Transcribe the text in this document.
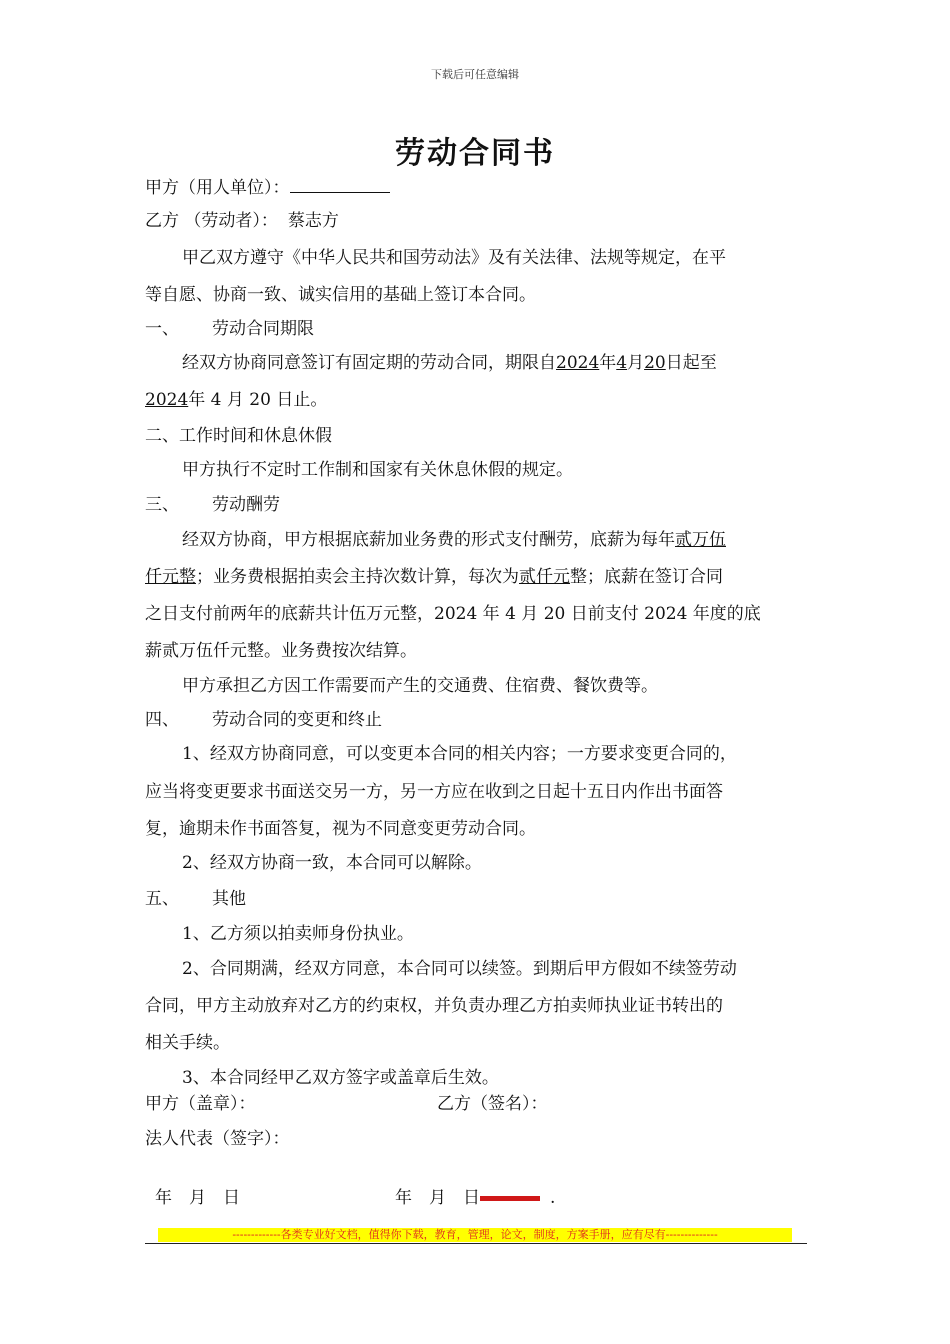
下载后可任意编辑
劳动合同书
甲方（用人单位）：
乙方 （劳动者）： 蔡志方
甲乙双方遵守《中华人民共和国劳动法》及有关法律、法规等规定，在平
等自愿、协商一致、诚实信用的基础上签订本合同。
一、 劳动合同期限
经双方协商同意签订有固定期的劳动合同，期限自2024年4月20日起至
2024年 4 月 20 日止。
二、工作时间和休息休假
甲方执行不定时工作制和国家有关休息休假的规定。
三、 劳动酬劳
经双方协商，甲方根据底薪加业务费的形式支付酬劳，底薪为每年贰万伍
仟元整；业务费根据拍卖会主持次数计算，每次为贰仟元整；底薪在签订合同
之日支付前两年的底薪共计伍万元整，2024 年 4 月 20 日前支付 2024 年度的底
薪贰万伍仟元整。业务费按次结算。
甲方承担乙方因工作需要而产生的交通费、住宿费、餐饮费等。
四、 劳动合同的变更和终止
1、经双方协商同意，可以变更本合同的相关内容；一方要求变更合同的，
应当将变更要求书面送交另一方，另一方应在收到之日起十五日内作出书面答
复，逾期未作书面答复，视为不同意变更劳动合同。
2、经双方协商一致，本合同可以解除。
五、 其他
1、乙方须以拍卖师身份执业。
2、合同期满，经双方同意，本合同可以续签。到期后甲方假如不续签劳动
合同，甲方主动放弃对乙方的约束权，并负责办理乙方拍卖师执业证书转出的
相关手续。
3、本合同经甲乙双方签字或盖章后生效。
甲方（盖章）：	乙方（签名）：
法人代表（签字）：
年　月　日	年　月　日	.
-------------各类专业好文档，值得你下载，教育，管理，论文，制度，方案手册，应有尽有--------------
